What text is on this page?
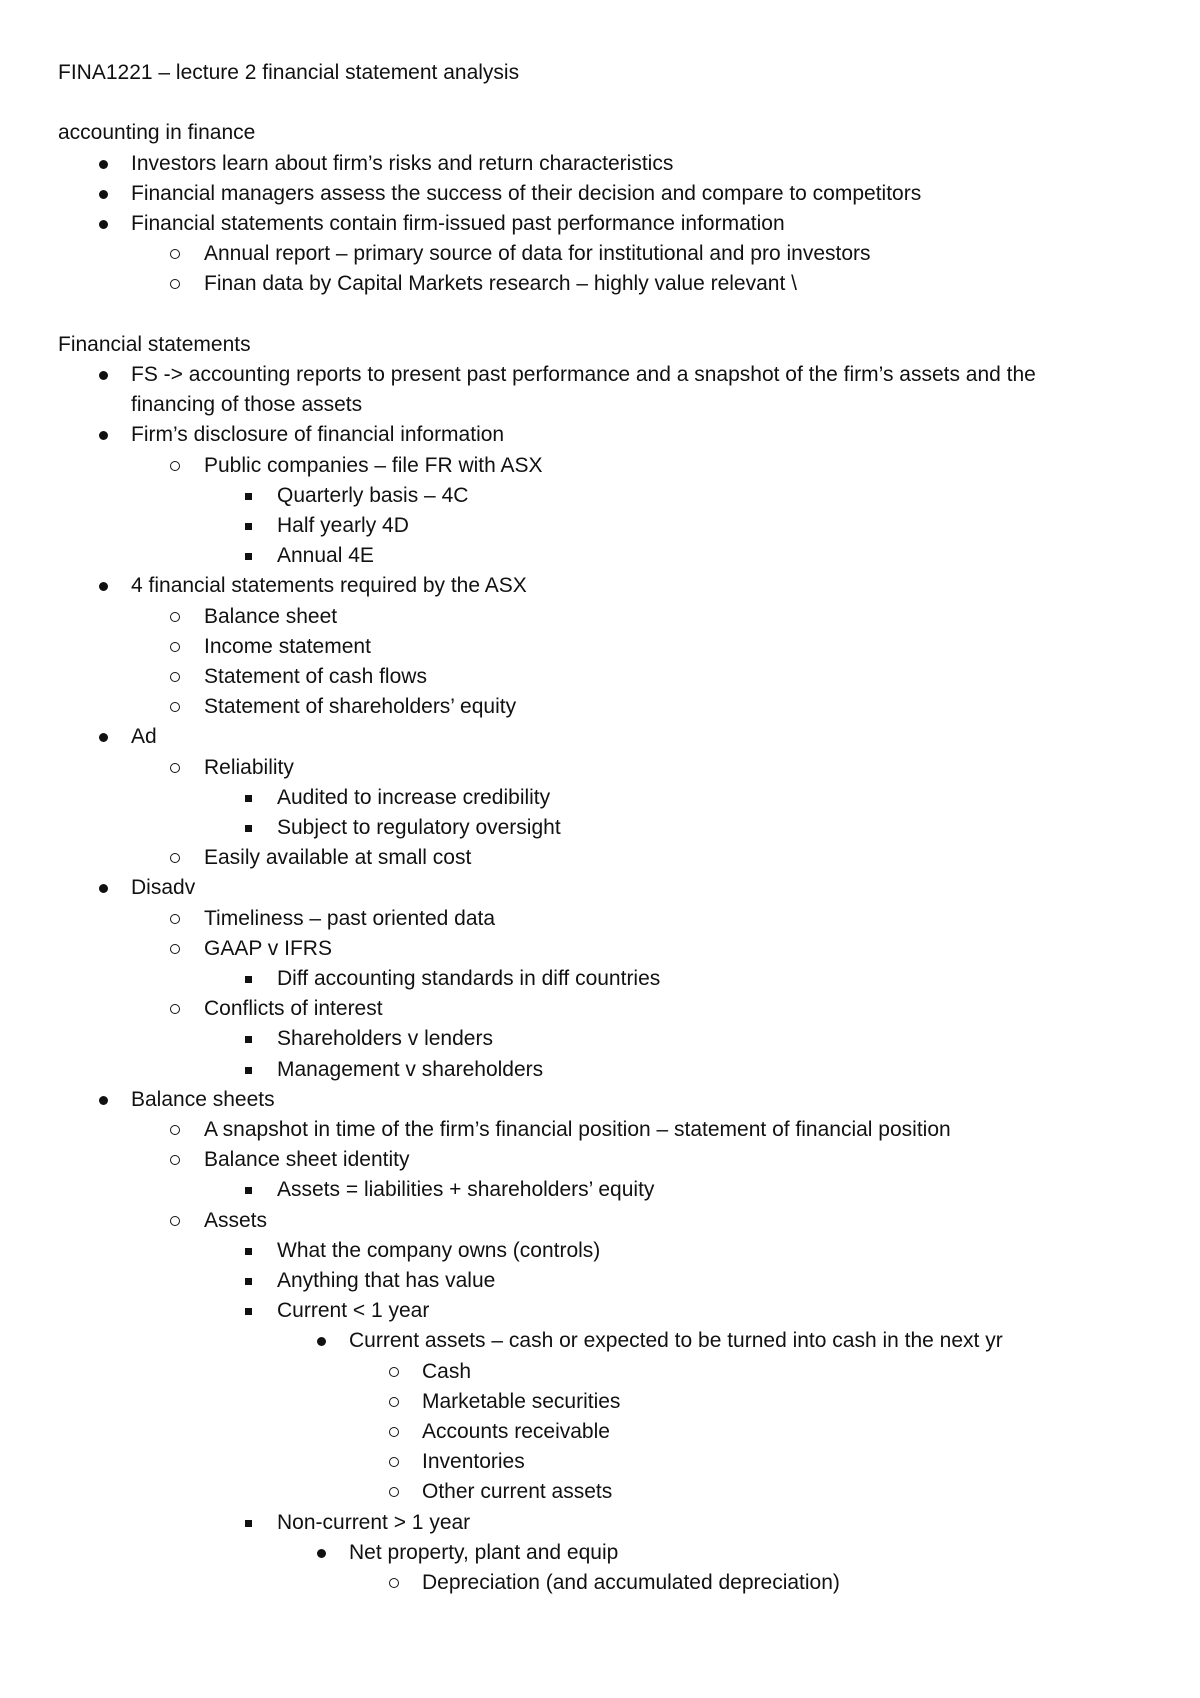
FINA1221 – lecture 2 financial statement analysis
accounting in finance
Investors learn about firm’s risks and return characteristics
Financial managers assess the success of their decision and compare to competitors
Financial statements contain firm-issued past performance information
Annual report – primary source of data for institutional and pro investors
Finan data by Capital Markets research – highly value relevant \
Financial statements
FS -> accounting reports to present past performance and a snapshot of the firm’s assets and the
financing of those assets
Firm’s disclosure of financial information
Public companies – file FR with ASX
Quarterly basis – 4C
Half yearly 4D
Annual 4E
4 financial statements required by the ASX
Balance sheet
Income statement
Statement of cash flows
Statement of shareholders’ equity
Ad
Reliability
Audited to increase credibility
Subject to regulatory oversight
Easily available at small cost
Disadv
Timeliness – past oriented data
GAAP v IFRS
Diff accounting standards in diff countries
Conflicts of interest
Shareholders v lenders
Management v shareholders
Balance sheets
A snapshot in time of the firm’s financial position – statement of financial position
Balance sheet identity
Assets = liabilities + shareholders’ equity
Assets
What the company owns (controls)
Anything that has value
Current < 1 year
Current assets – cash or expected to be turned into cash in the next yr
Cash
Marketable securities
Accounts receivable
Inventories
Other current assets
Non-current > 1 year
Net property, plant and equip
Depreciation (and accumulated depreciation)
